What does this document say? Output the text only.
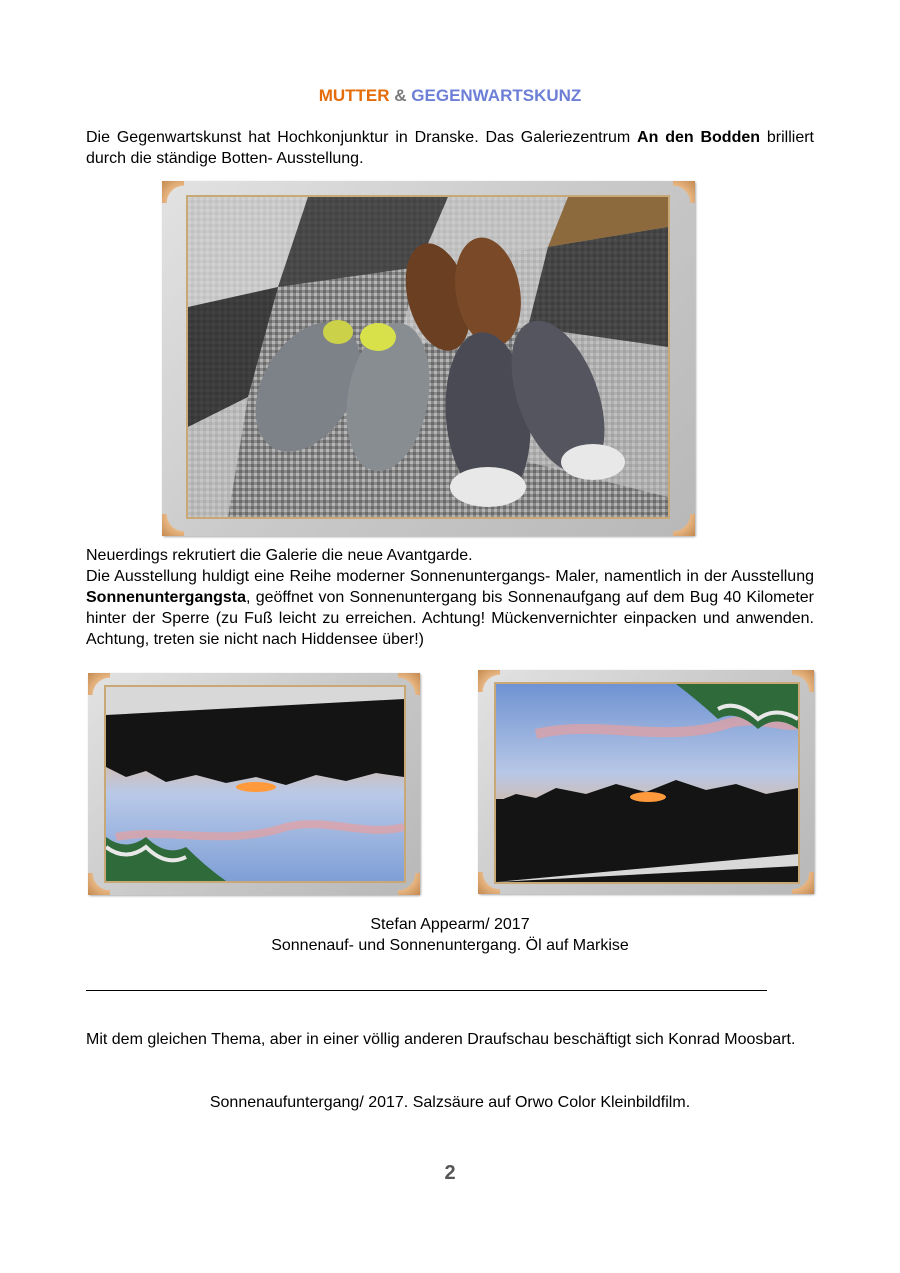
MUTTER & GEGENWARTSKUNZ

Die Gegenwartskunst hat Hochkonjunktur in Dranske. Das Galeriezentrum An den Bodden brilliert durch die ständige Botten- Ausstellung.

Neuerdings rekrutiert die Galerie die neue Avantgarde.

Die Ausstellung huldigt eine Reihe moderner Sonnenuntergangs- Maler, namentlich in der Ausstellung Sonnenuntergangsta, geöffnet von Sonnenuntergang bis Sonnenaufgang auf dem Bug 40 Kilometer hinter der Sperre (zu Fuß leicht zu erreichen. Achtung! Mückenvernichter einpacken und anwenden. Achtung, treten sie nicht nach Hiddensee über!)

Stefan Appearm/ 2017
Sonnenauf- und Sonnenuntergang. Öl auf Markise

Mit dem gleichen Thema, aber in einer völlig anderen Draufschau beschäftigt sich Konrad Moosbart.

Sonnenaufuntergang/ 2017. Salzsäure auf Orwo Color Kleinbildfilm.
2
